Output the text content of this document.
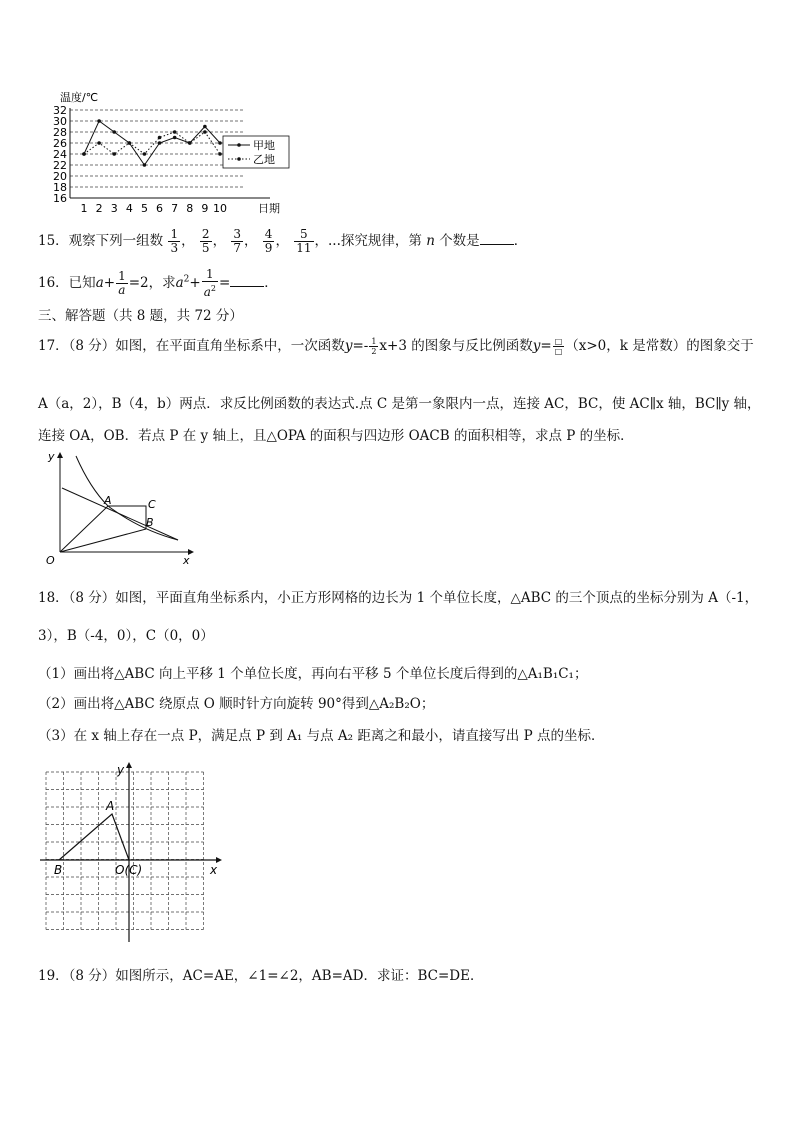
温度/℃
32
30
28
26
24
22
20
18
16
1 2 3 4 5 6 7 8 9 10
甲地
乙地
日期
15．观察下列一组数 $\frac{1}{3}$ ， $\frac{2}{5}$ ， $\frac{3}{7}$ ， $\frac{4}{9}$ ， $\frac{5}{11}$ ，...探究规律，第 n 个数是	．
16．已知$a+ \frac{1}{a} =2$，求$a^2+ \frac{1}{a^2}$ =	．
三、解答题（共 8 题，共 72 分）
17．（8 分）如图，在平面直角坐标系中，一次函数$y=- \frac{1}{2} x+3$ 的图象与反比例函数$y= \frac{□}{□} (x>0$，k 是常数）的图象交于
A（a，2），B（4，b）两点．求反比例函数的表达式.点 C 是第一象限内一点，连接 AC，BC，使 AC∥x 轴，BC∥y 轴，
连接 OA，OB．若点 P 在 y 轴上，且△OPA 的面积与四边形 OACB 的面积相等，求点 P 的坐标．
y
x
O
A	C
B
18．（8 分）如图，平面直角坐标系内，小正方形网格的边长为 1 个单位长度，△ABC 的三个顶点的坐标分别为 A（-1，
3），B（-4，0），C（0，0）
（1）画出将△ABC 向上平移 1 个单位长度，再向右平移 5 个单位长度后得到的△A₁B₁C₁；
（2）画出将△ABC 绕原点 O 顺时针方向旋转 90°得到△A₂B₂O；
（3）在 x 轴上存在一点 P，满足点 P 到 A₁ 与点 A₂ 距离之和最小，请直接写出 P 点的坐标．
y
x
A
B	O(C)
19．（8 分）如图所示，AC=AE，∠1=∠2，AB=AD．求证：BC=DE．
